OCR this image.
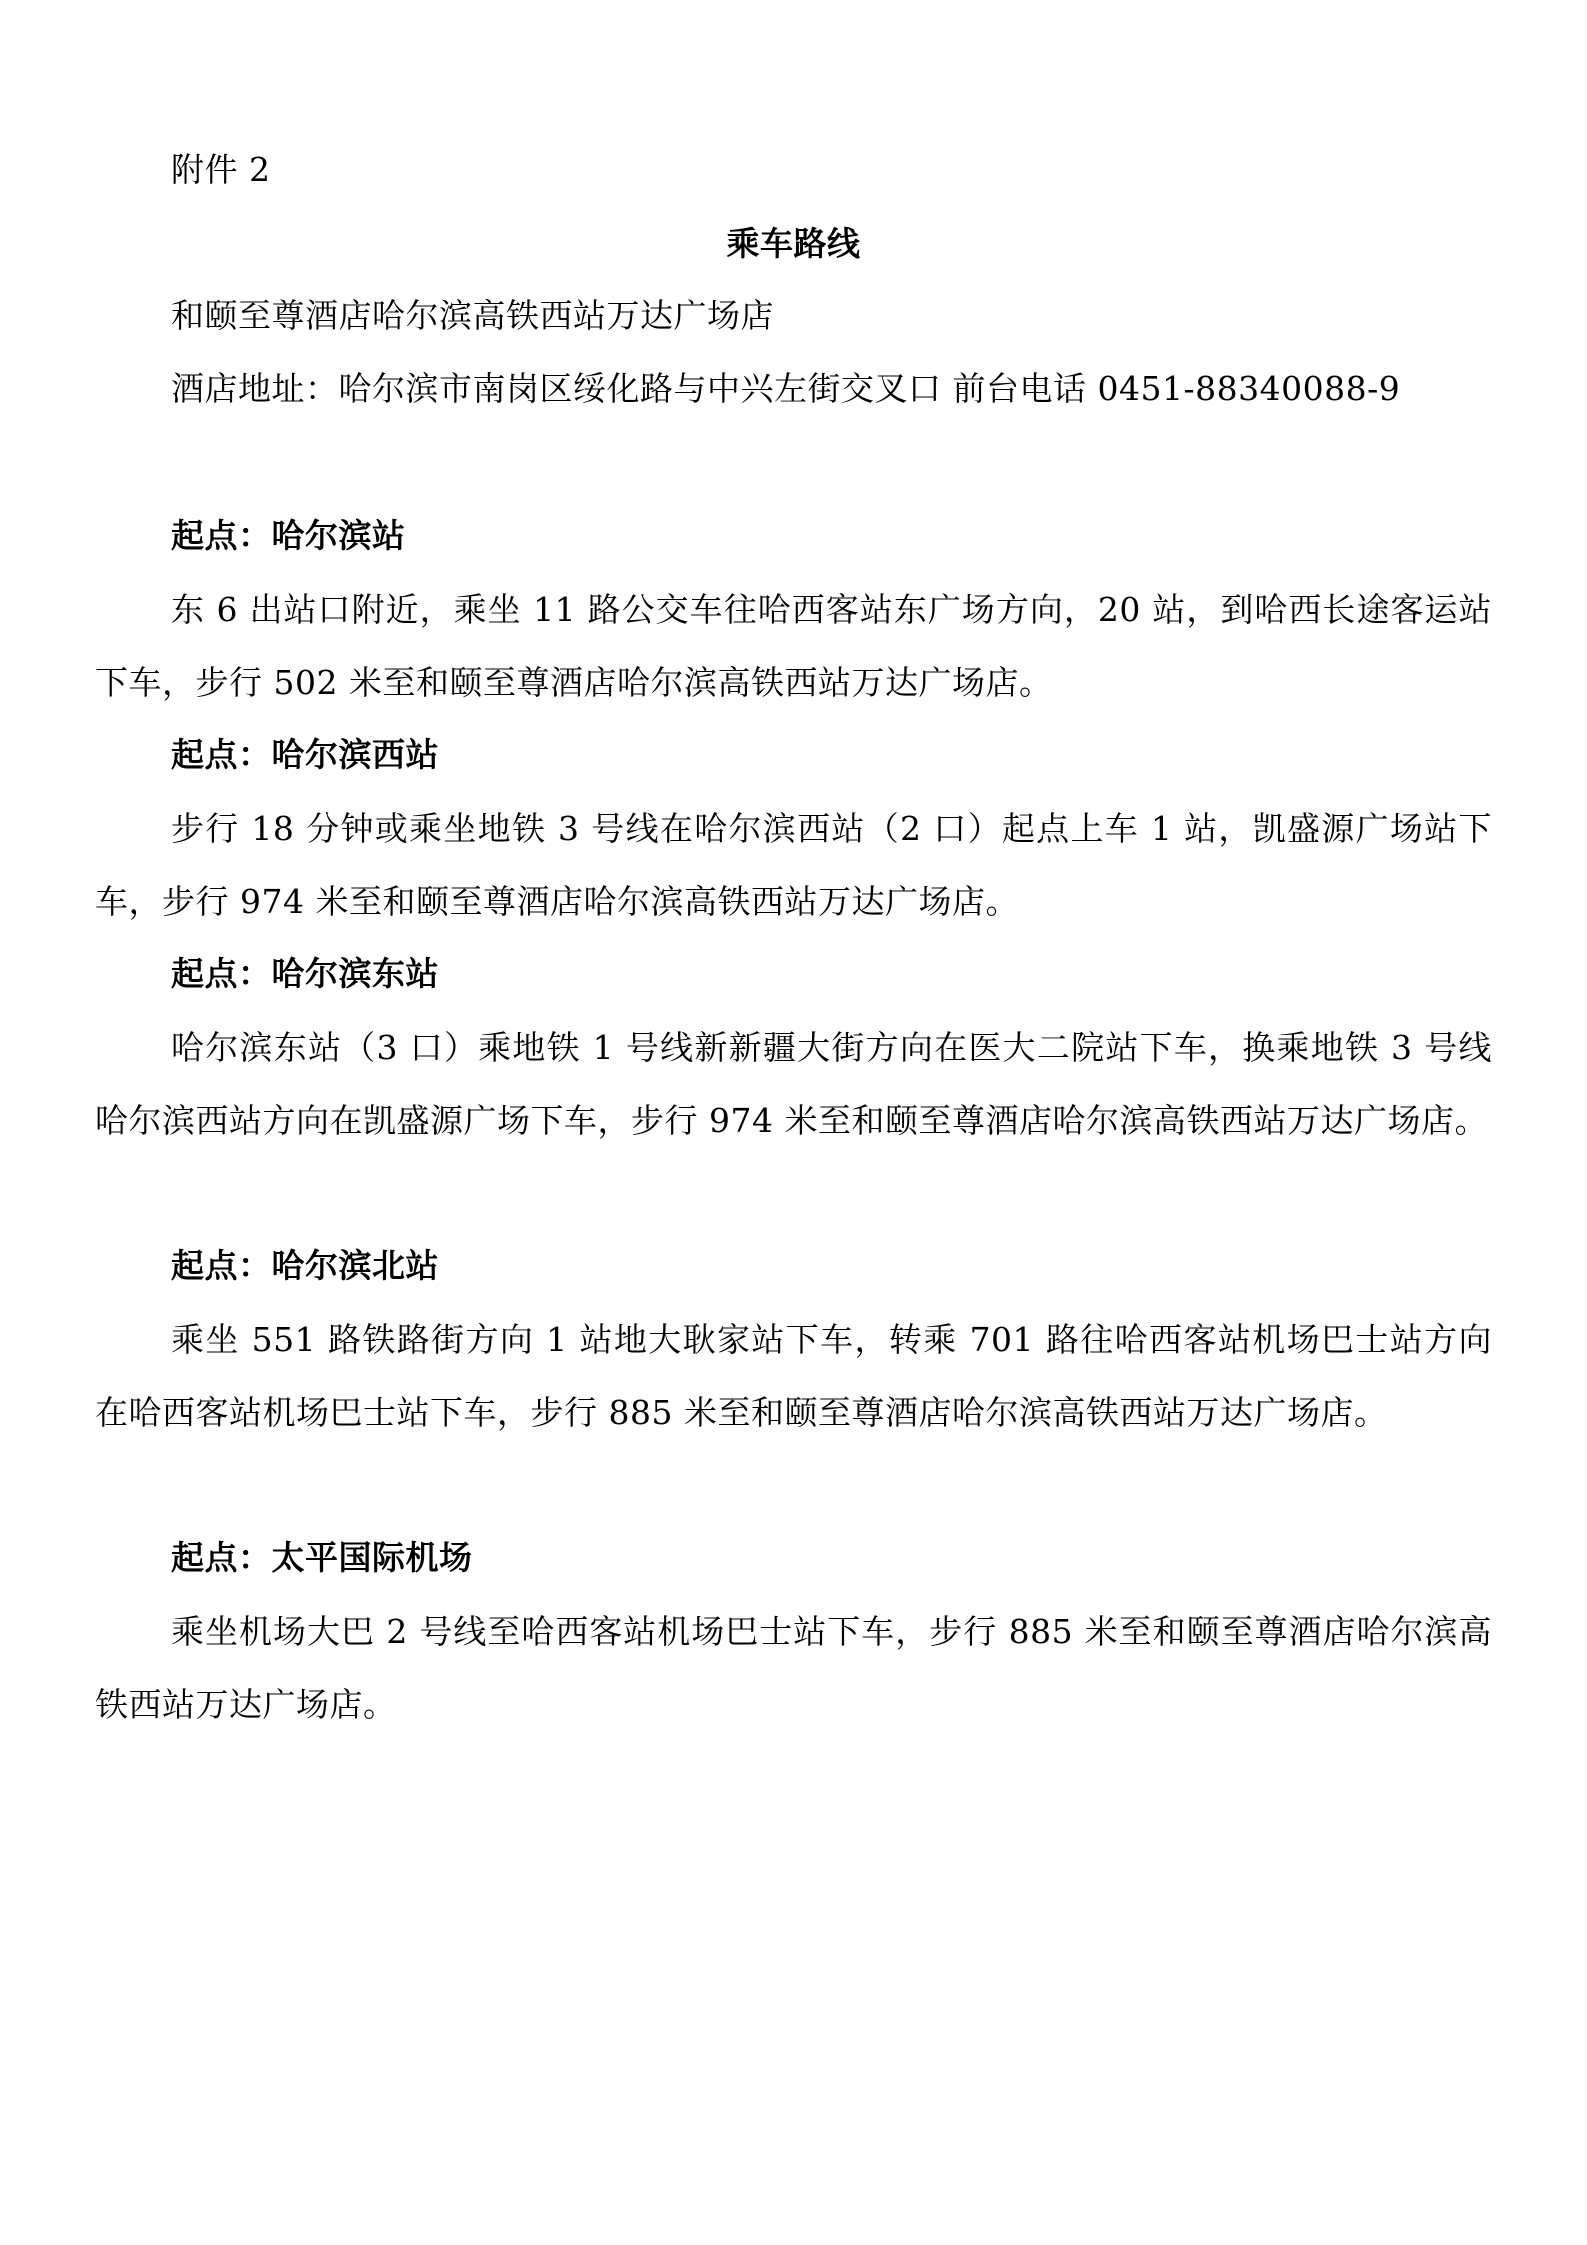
附件 2
乘车路线
和颐至尊酒店哈尔滨高铁西站万达广场店
酒店地址：哈尔滨市南岗区绥化路与中兴左街交叉口 前台电话 0451-88340088-9
起点：哈尔滨站
东 6 出站口附近，乘坐 11 路公交车往哈西客站东广场方向，20 站，到哈西长途客运站下车，步行 502 米至和颐至尊酒店哈尔滨高铁西站万达广场店。
起点：哈尔滨西站
步行 18 分钟或乘坐地铁 3 号线在哈尔滨西站（2 口）起点上车 1 站，凯盛源广场站下车，步行 974 米至和颐至尊酒店哈尔滨高铁西站万达广场店。
起点：哈尔滨东站
哈尔滨东站（3 口）乘地铁 1 号线新新疆大街方向在医大二院站下车，换乘地铁 3 号线哈尔滨西站方向在凯盛源广场下车，步行 974 米至和颐至尊酒店哈尔滨高铁西站万达广场店。
起点：哈尔滨北站
乘坐 551 路铁路街方向 1 站地大耿家站下车，转乘 701 路往哈西客站机场巴士站方向在哈西客站机场巴士站下车，步行 885 米至和颐至尊酒店哈尔滨高铁西站万达广场店。
起点：太平国际机场
乘坐机场大巴 2 号线至哈西客站机场巴士站下车，步行 885 米至和颐至尊酒店哈尔滨高铁西站万达广场店。
